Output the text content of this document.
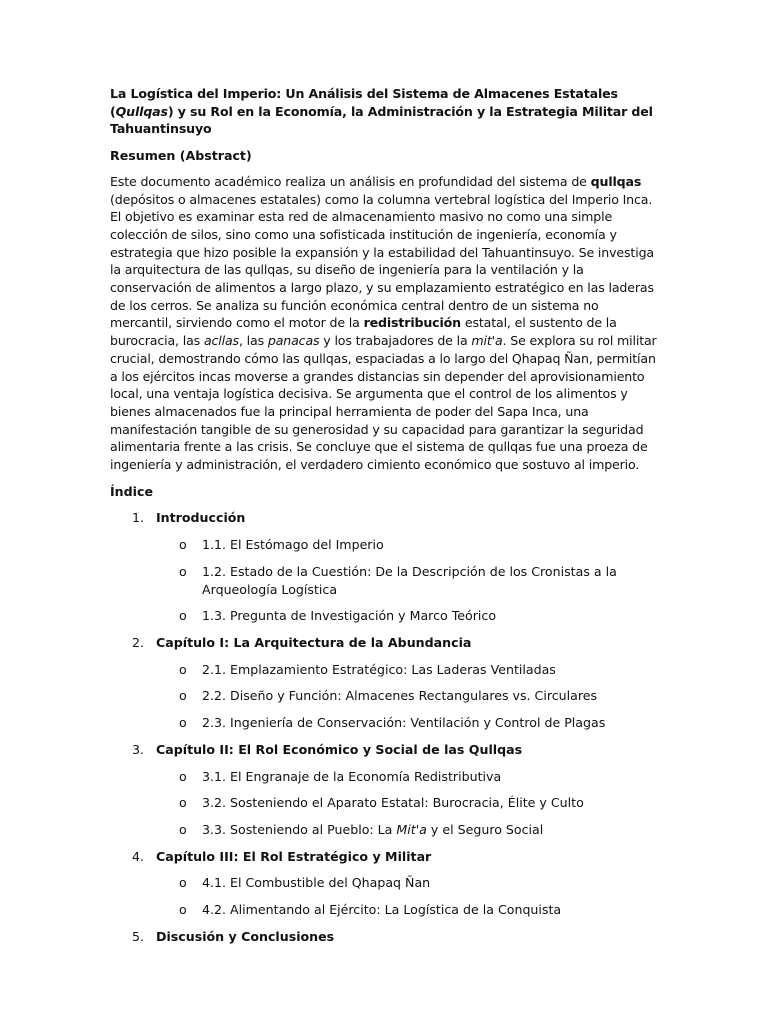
La Logística del Imperio: Un Análisis del Sistema de Almacenes Estatales (Qullqas) y su Rol en la Economía, la Administración y la Estrategia Militar del Tahuantinsuyo

Resumen (Abstract)

Este documento académico realiza un análisis en profundidad del sistema de qullqas (depósitos o almacenes estatales) como la columna vertebral logística del Imperio Inca. El objetivo es examinar esta red de almacenamiento masivo no como una simple colección de silos, sino como una sofisticada institución de ingeniería, economía y estrategia que hizo posible la expansión y la estabilidad del Tahuantinsuyo. Se investiga la arquitectura de las qullqas, su diseño de ingeniería para la ventilación y la conservación de alimentos a largo plazo, y su emplazamiento estratégico en las laderas de los cerros. Se analiza su función económica central dentro de un sistema no mercantil, sirviendo como el motor de la redistribución estatal, el sustento de la burocracia, las acllas, las panacas y los trabajadores de la mit'a. Se explora su rol militar crucial, demostrando cómo las qullqas, espaciadas a lo largo del Qhapaq Ñan, permitían a los ejércitos incas moverse a grandes distancias sin depender del aprovisionamiento local, una ventaja logística decisiva. Se argumenta que el control de los alimentos y bienes almacenados fue la principal herramienta de poder del Sapa Inca, una manifestación tangible de su generosidad y su capacidad para garantizar la seguridad alimentaria frente a las crisis. Se concluye que el sistema de qullqas fue una proeza de ingeniería y administración, el verdadero cimiento económico que sostuvo al imperio.

Índice

1. Introducción
o 1.1. El Estómago del Imperio
o 1.2. Estado de la Cuestión: De la Descripción de los Cronistas a la Arqueología Logística
o 1.3. Pregunta de Investigación y Marco Teórico
2. Capítulo I: La Arquitectura de la Abundancia
o 2.1. Emplazamiento Estratégico: Las Laderas Ventiladas
o 2.2. Diseño y Función: Almacenes Rectangulares vs. Circulares
o 2.3. Ingeniería de Conservación: Ventilación y Control de Plagas
3. Capítulo II: El Rol Económico y Social de las Qullqas
o 3.1. El Engranaje de la Economía Redistributiva
o 3.2. Sosteniendo el Aparato Estatal: Burocracia, Élite y Culto
o 3.3. Sosteniendo al Pueblo: La Mit'a y el Seguro Social
4. Capítulo III: El Rol Estratégico y Militar
o 4.1. El Combustible del Qhapaq Ñan
o 4.2. Alimentando al Ejército: La Logística de la Conquista
5. Discusión y Conclusiones
